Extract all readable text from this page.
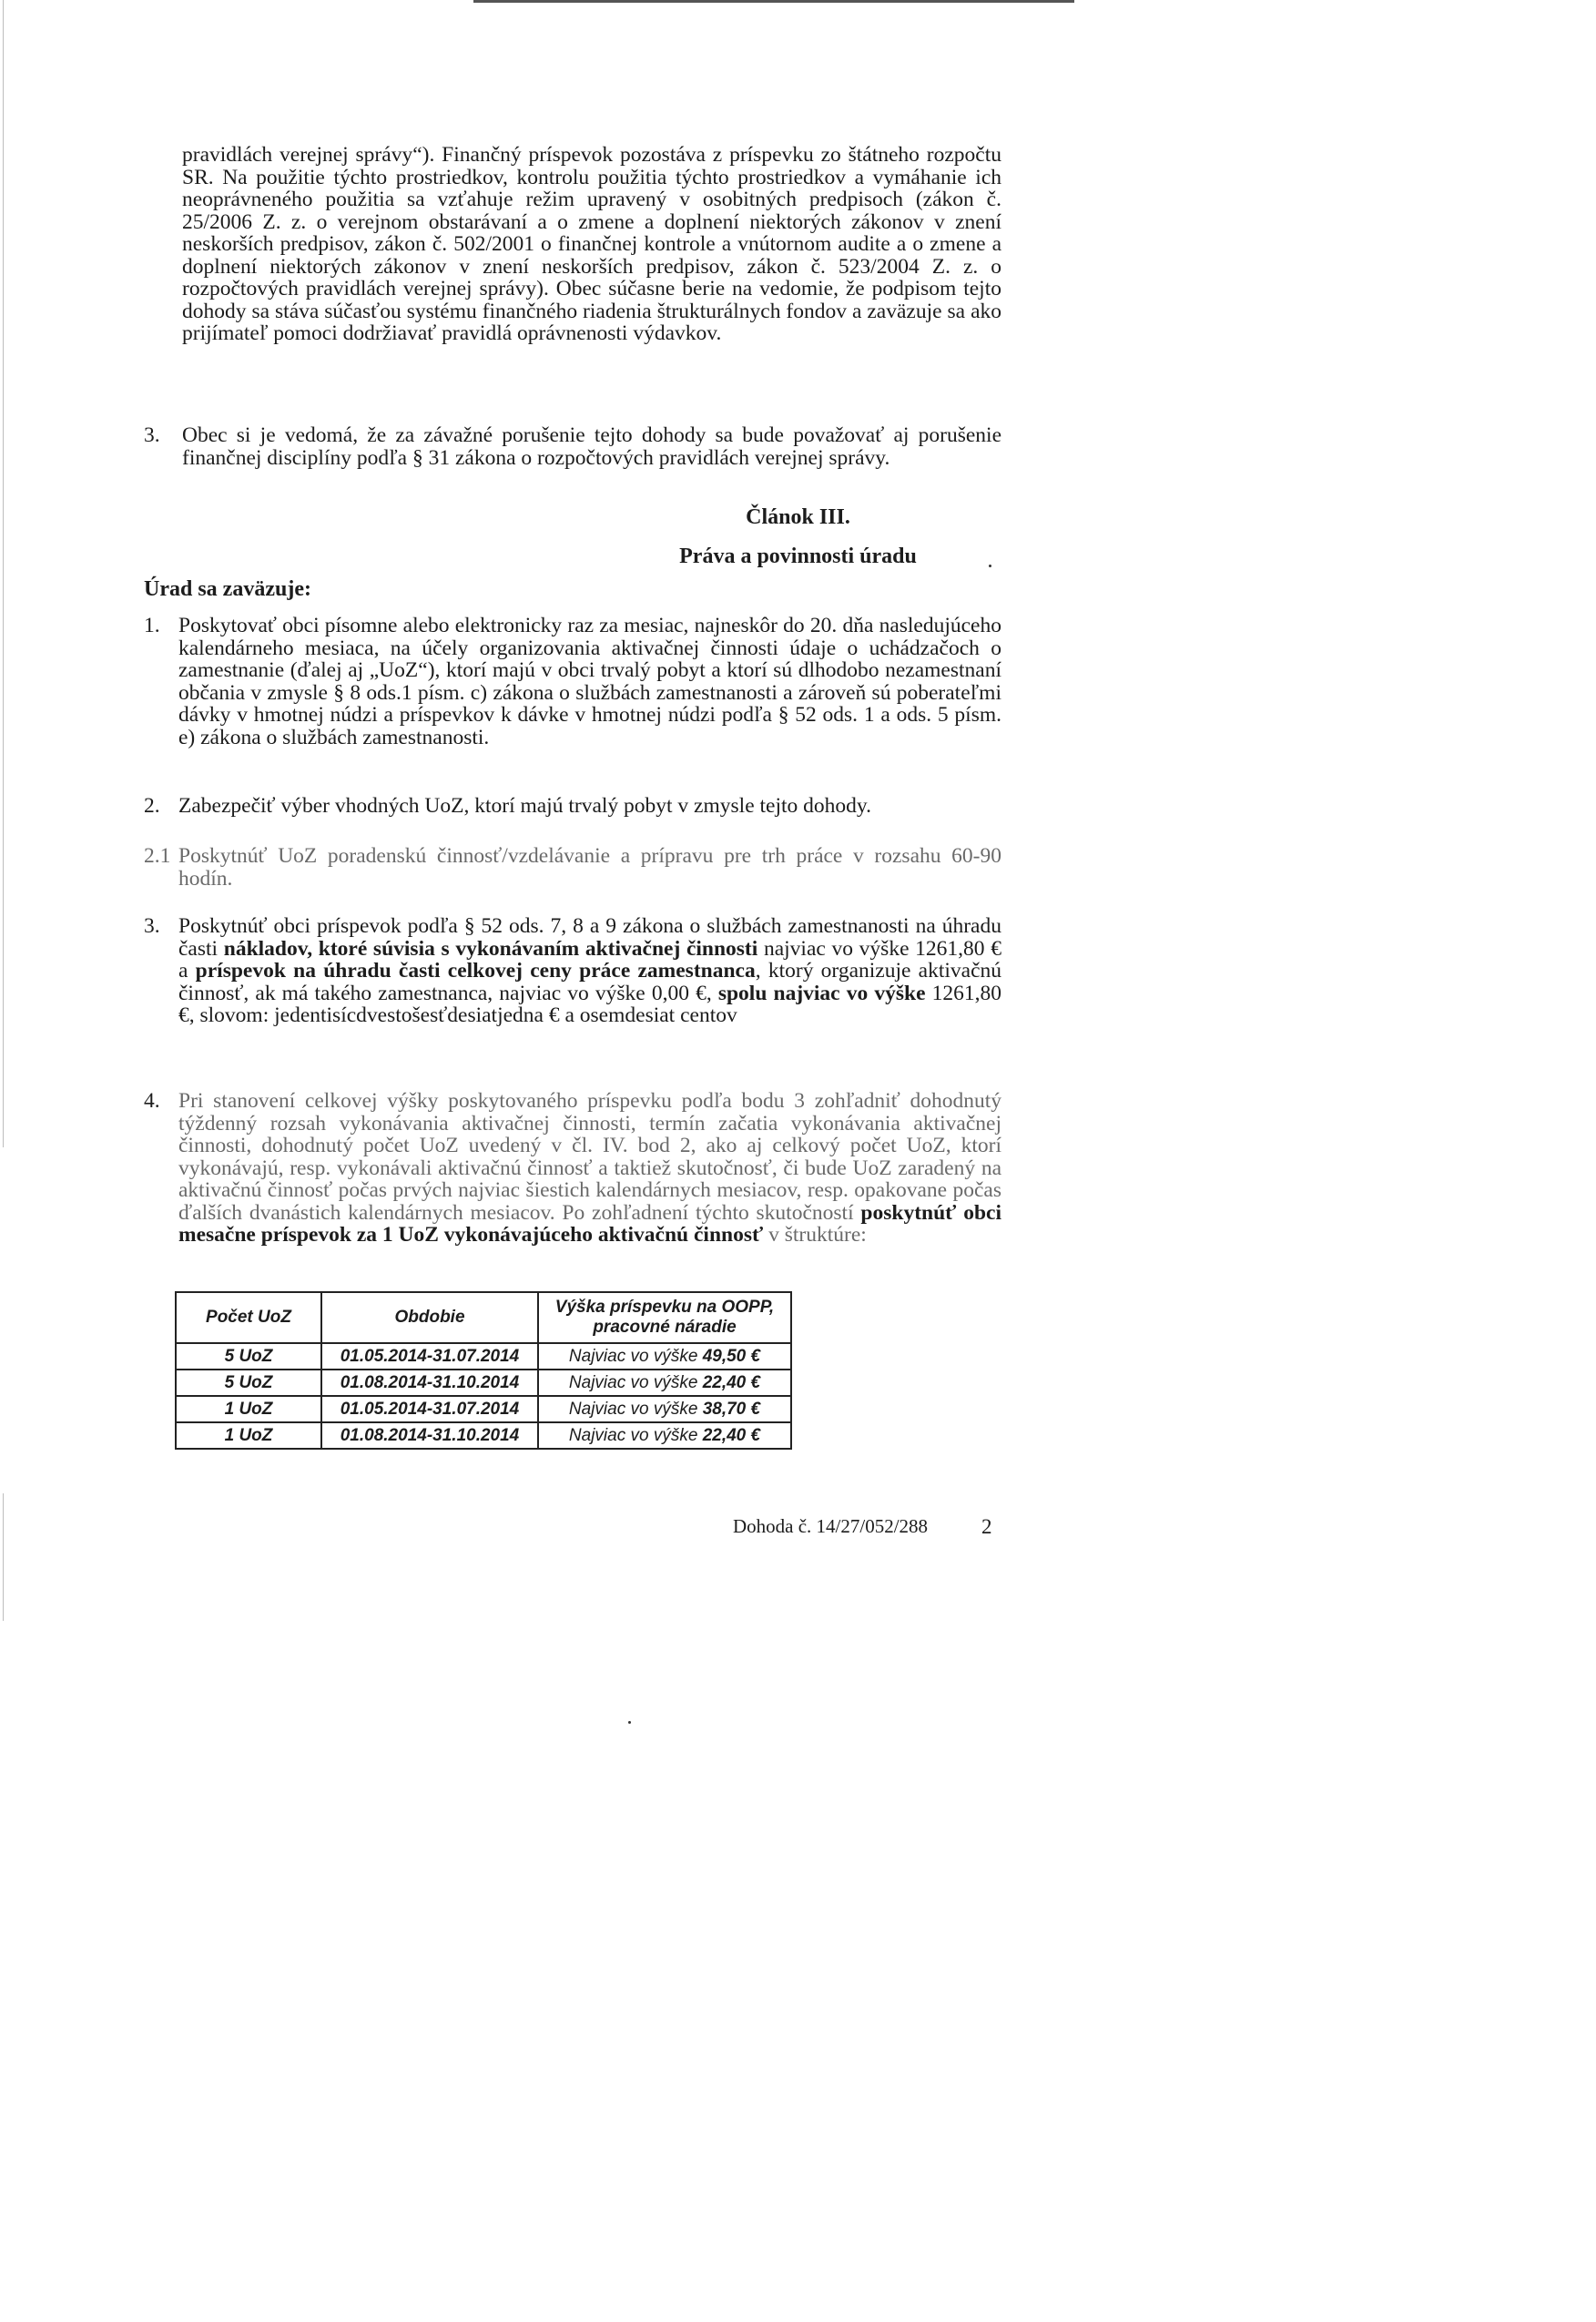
pravidlách verejnej správy“). Finančný príspevok pozostáva z príspevku zo štátneho rozpočtu SR. Na použitie týchto prostriedkov, kontrolu použitia týchto prostriedkov a vymáhanie ich neoprávneného použitia sa vzťahuje režim upravený v osobitných predpisoch (zákon č. 25/2006 Z. z. o verejnom obstarávaní a o zmene a doplnení niektorých zákonov v znení neskorších predpisov, zákon č. 502/2001 o finančnej kontrole a vnútornom audite a o zmene a doplnení niektorých zákonov v znení neskorších predpisov, zákon č. 523/2004 Z. z. o rozpočtových pravidlách verejnej správy). Obec súčasne berie na vedomie, že podpisom tejto dohody sa stáva súčasťou systému finančného riadenia štrukturálnych fondov a zaväzuje sa ako prijímateľ pomoci dodržiavať pravidlá oprávnenosti výdavkov.

3. Obec si je vedomá, že za závažné porušenie tejto dohody sa bude považovať aj porušenie finančnej disciplíny podľa § 31 zákona o rozpočtových pravidlách verejnej správy.

Článok III.

Práva a povinnosti úradu

Úrad sa zaväzuje:

1. Poskytovať obci písomne alebo elektronicky raz za mesiac, najneskôr do 20. dňa nasledujúceho kalendárneho mesiaca, na účely organizovania aktivačnej činnosti údaje o uchádzačoch o zamestnanie (ďalej aj „UoZ“), ktorí majú v obci trvalý pobyt a ktorí sú dlhodobo nezamestnaní občania v zmysle § 8 ods.1 písm. c) zákona o službách zamestnanosti a zároveň sú poberateľmi dávky v hmotnej núdzi a príspevkov k dávke v hmotnej núdzi podľa § 52 ods. 1 a ods. 5 písm. e) zákona o službách zamestnanosti.

2. Zabezpečiť výber vhodných UoZ, ktorí majú trvalý pobyt v zmysle tejto dohody.

2.1 Poskytnúť UoZ poradenskú činnosť/vzdelávanie a prípravu pre trh práce v rozsahu 60-90 hodín.

3. Poskytnúť obci príspevok podľa § 52 ods. 7, 8 a 9 zákona o službách zamestnanosti na úhradu časti nákladov, ktoré súvisia s vykonávaním aktivačnej činnosti najviac vo výške 1261,80 € a príspevok na úhradu časti celkovej ceny práce zamestnanca, ktorý organizuje aktivačnú činnosť, ak má takého zamestnanca, najviac vo výške 0,00 €, spolu najviac vo výške 1261,80 €, slovom: jedentisícdvestošesťdesiatjedna € a osemdesiat centov

4. Pri stanovení celkovej výšky poskytovaného príspevku podľa bodu 3 zohľadniť dohodnutý týždenný rozsah vykonávania aktivačnej činnosti, termín začatia vykonávania aktivačnej činnosti, dohodnutý počet UoZ uvedený v čl. IV. bod 2, ako aj celkový počet UoZ, ktorí vykonávajú, resp. vykonávali aktivačnú činnosť a taktiež skutočnosť, či bude UoZ zaradený na aktivačnú činnosť počas prvých najviac šiestich kalendárnych mesiacov, resp. opakovane počas ďalších dvanástich kalendárnych mesiacov. Po zohľadnení týchto skutočností poskytnúť obci mesačne príspevok za 1 UoZ vykonávajúceho aktivačnú činnosť v štruktúre:

Počet UoZ	Obdobie	Výška príspevku na OOPP, pracovné náradie
5 UoZ	01.05.2014-31.07.2014	Najviac vo výške 49,50 €
5 UoZ	01.08.2014-31.10.2014	Najviac vo výške 22,40 €
1 UoZ	01.05.2014-31.07.2014	Najviac vo výške 38,70 €
1 UoZ	01.08.2014-31.10.2014	Najviac vo výške 22,40 €

Dohoda č. 14/27/052/288	2
